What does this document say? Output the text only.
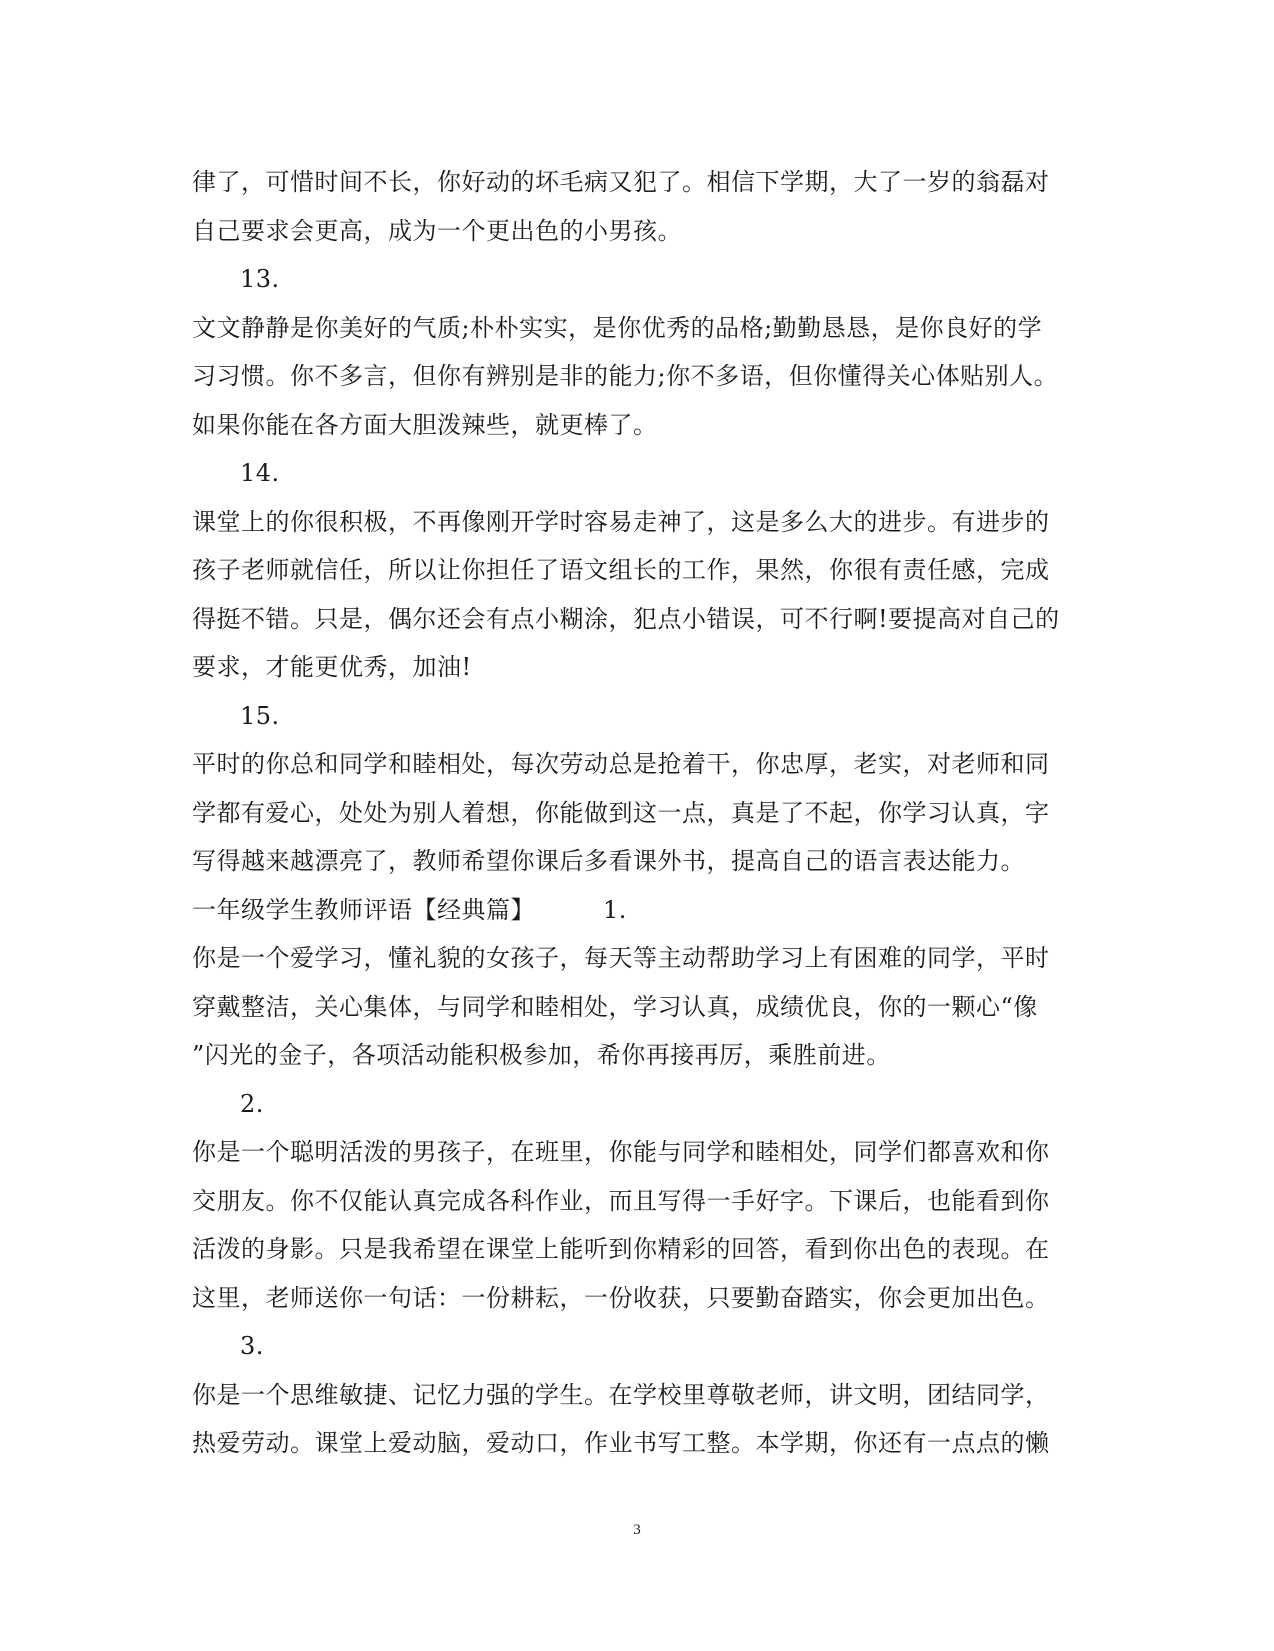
律了，可惜时间不长，你好动的坏毛病又犯了。相信下学期，大了一岁的翁磊对
自己要求会更高，成为一个更出色的小男孩。
13.
文文静静是你美好的气质;朴朴实实，是你优秀的品格;勤勤恳恳，是你良好的学
习习惯。你不多言，但你有辨别是非的能力;你不多语，但你懂得关心体贴别人。
如果你能在各方面大胆泼辣些，就更棒了。
14.
课堂上的你很积极，不再像刚开学时容易走神了，这是多么大的进步。有进步的
孩子老师就信任，所以让你担任了语文组长的工作，果然，你很有责任感，完成
得挺不错。只是，偶尔还会有点小糊涂，犯点小错误，可不行啊!要提高对自己的
要求，才能更优秀，加油!
15.
平时的你总和同学和睦相处，每次劳动总是抢着干，你忠厚，老实，对老师和同
学都有爱心，处处为别人着想，你能做到这一点，真是了不起，你学习认真，字
写得越来越漂亮了，教师希望你课后多看课外书，提高自己的语言表达能力。
一年级学生教师评语【经典篇】	1.
你是一个爱学习，懂礼貌的女孩子，每天等主动帮助学习上有困难的同学，平时
穿戴整洁，关心集体，与同学和睦相处，学习认真，成绩优良，你的一颗心“像
”闪光的金子，各项活动能积极参加，希你再接再厉，乘胜前进。
2.
你是一个聪明活泼的男孩子，在班里，你能与同学和睦相处，同学们都喜欢和你
交朋友。你不仅能认真完成各科作业，而且写得一手好字。下课后，也能看到你
活泼的身影。只是我希望在课堂上能听到你精彩的回答，看到你出色的表现。在
这里，老师送你一句话：一份耕耘，一份收获，只要勤奋踏实，你会更加出色。
3.
你是一个思维敏捷、记忆力强的学生。在学校里尊敬老师，讲文明，团结同学，
热爱劳动。课堂上爱动脑，爱动口，作业书写工整。本学期，你还有一点点的懒
3
